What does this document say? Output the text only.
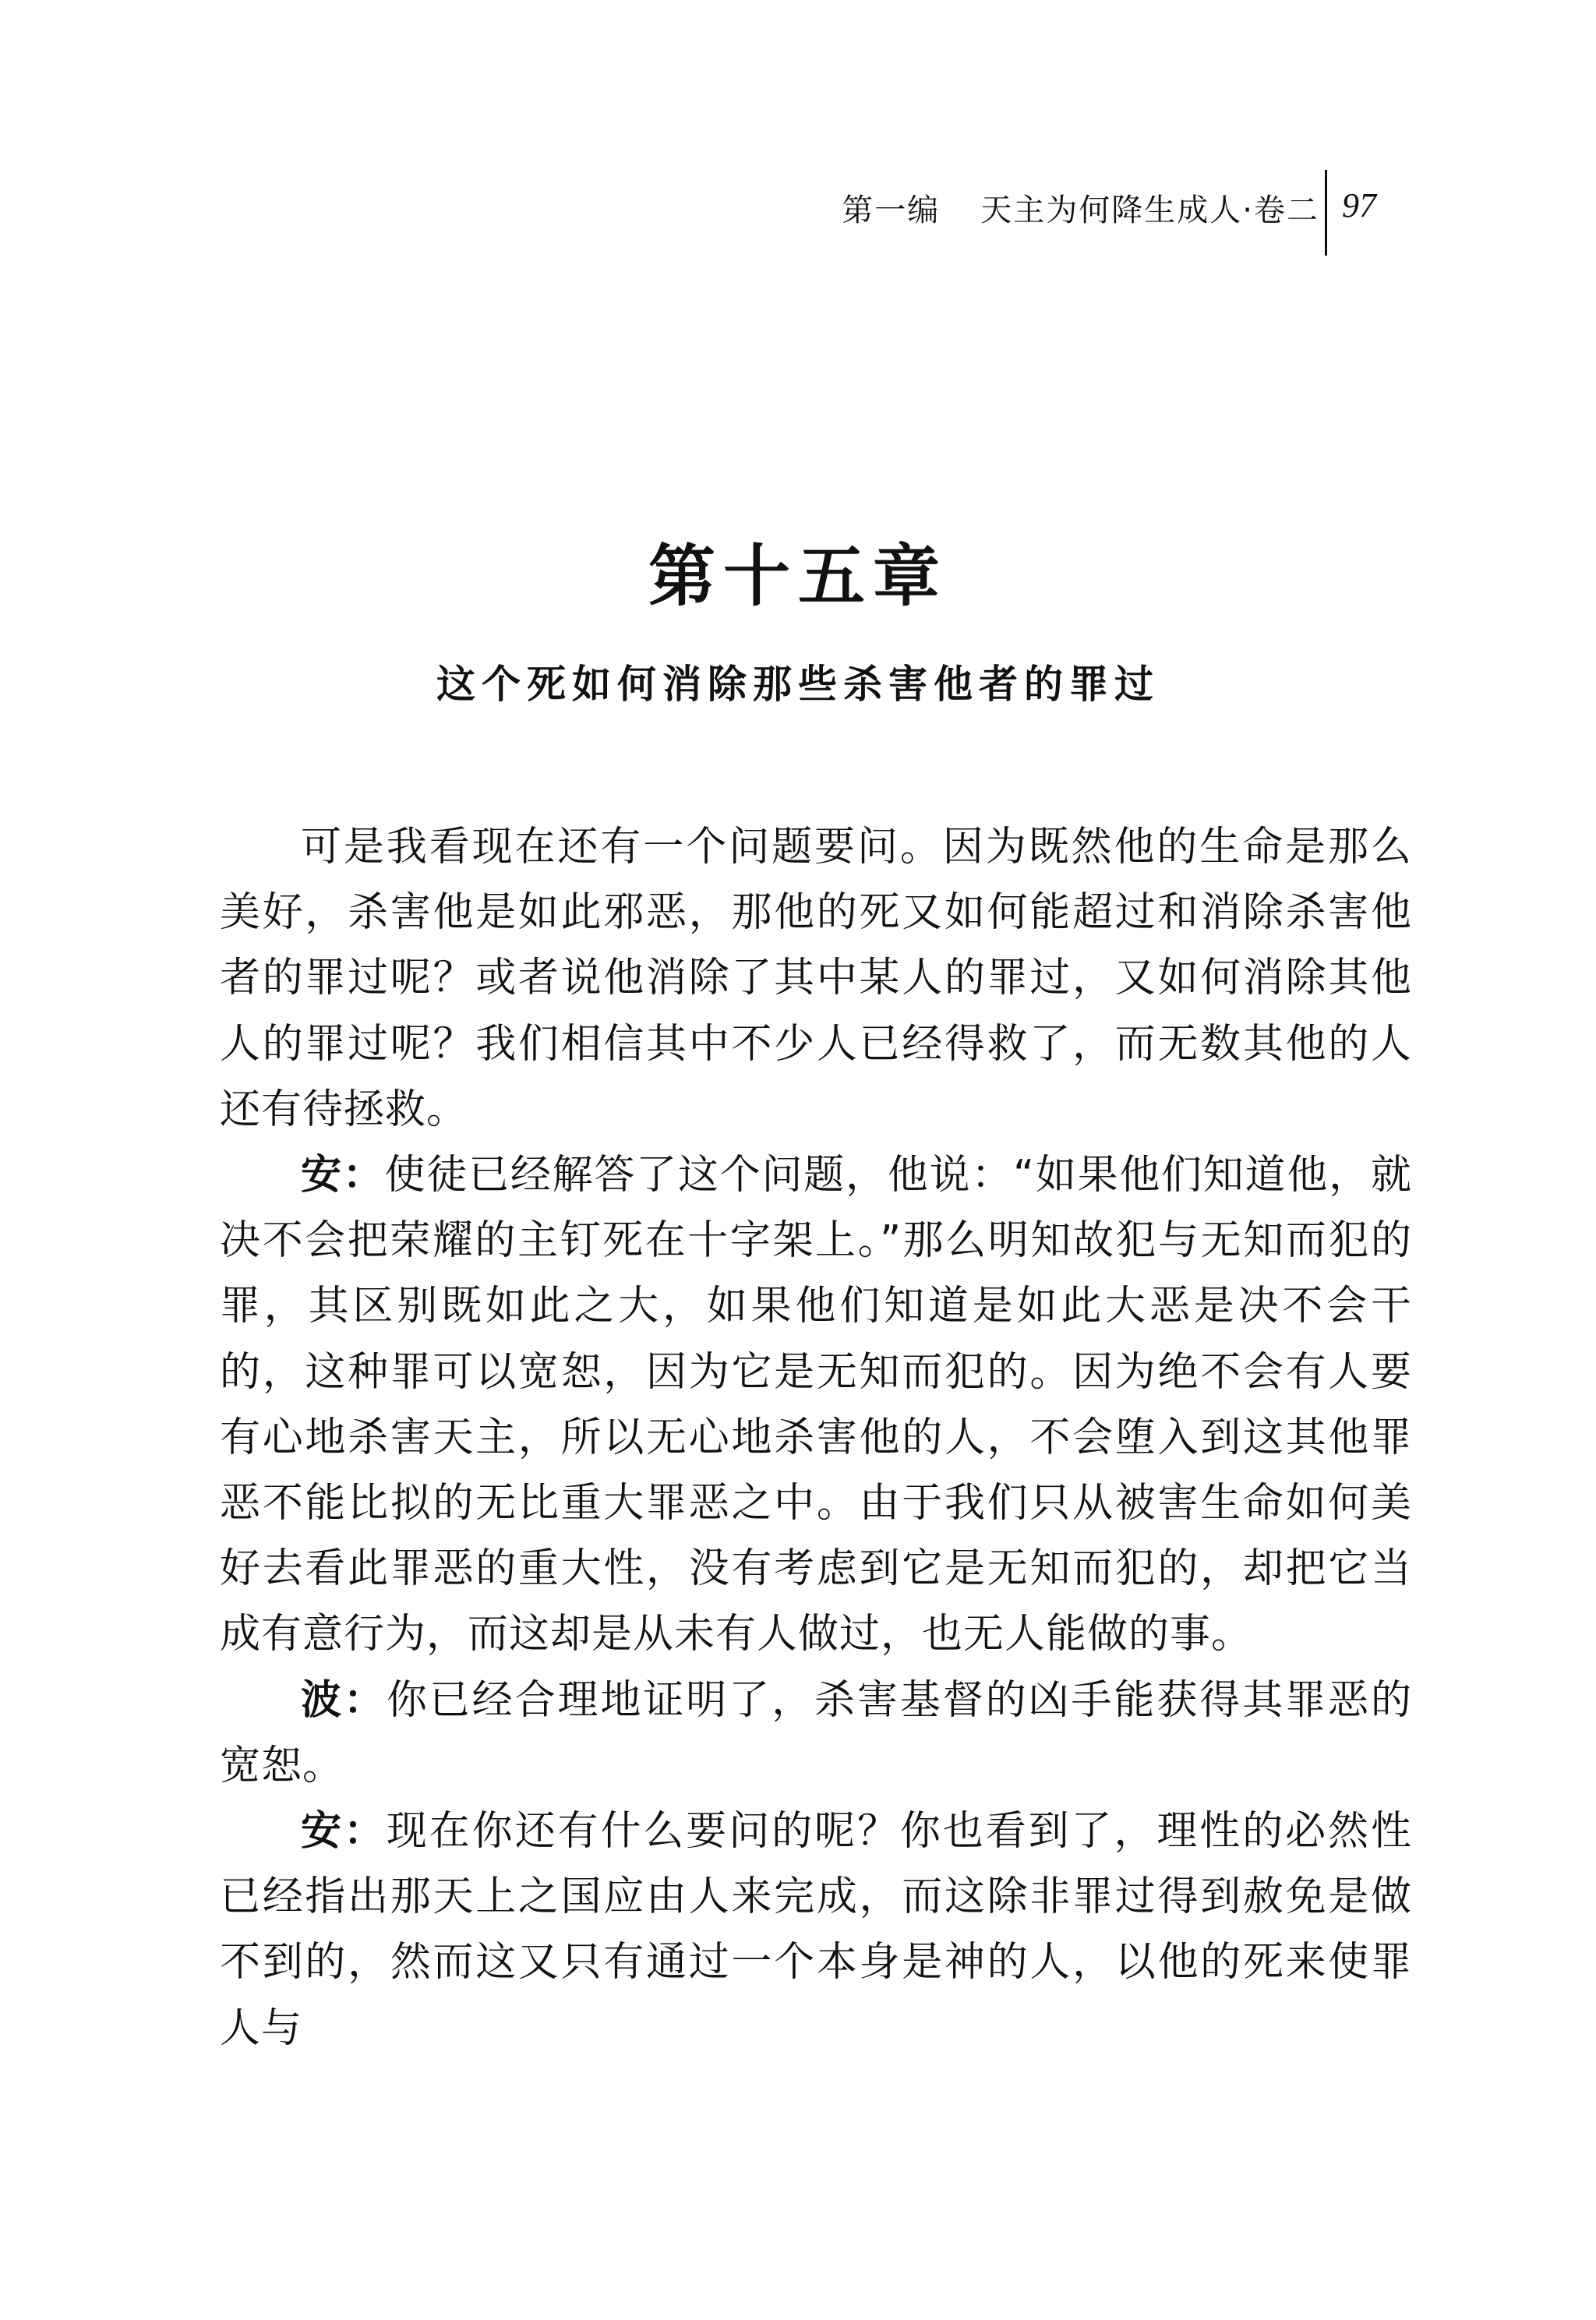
第一编 天主为何降生成人·卷二 97
第十五章
这个死如何消除那些杀害他者的罪过

可是我看现在还有一个问题要问。因为既然他的生命是那么美好，杀害他是如此邪恶，那他的死又如何能超过和消除杀害他者的罪过呢？或者说他消除了其中某人的罪过，又如何消除其他人的罪过呢？我们相信其中不少人已经得救了，而无数其他的人还有待拯救。

安：使徒已经解答了这个问题，他说：“如果他们知道他，就决不会把荣耀的主钉死在十字架上。”那么明知故犯与无知而犯的罪，其区别既如此之大，如果他们知道是如此大恶是决不会干的，这种罪可以宽恕，因为它是无知而犯的。因为绝不会有人要有心地杀害天主，所以无心地杀害他的人，不会堕入到这其他罪恶不能比拟的无比重大罪恶之中。由于我们只从被害生命如何美好去看此罪恶的重大性，没有考虑到它是无知而犯的，却把它当成有意行为，而这却是从未有人做过，也无人能做的事。

波：你已经合理地证明了，杀害基督的凶手能获得其罪恶的宽恕。

安：现在你还有什么要问的呢？你也看到了，理性的必然性已经指出那天上之国应由人来完成，而这除非罪过得到赦免是做不到的，然而这又只有通过一个本身是神的人，以他的死来使罪人与
